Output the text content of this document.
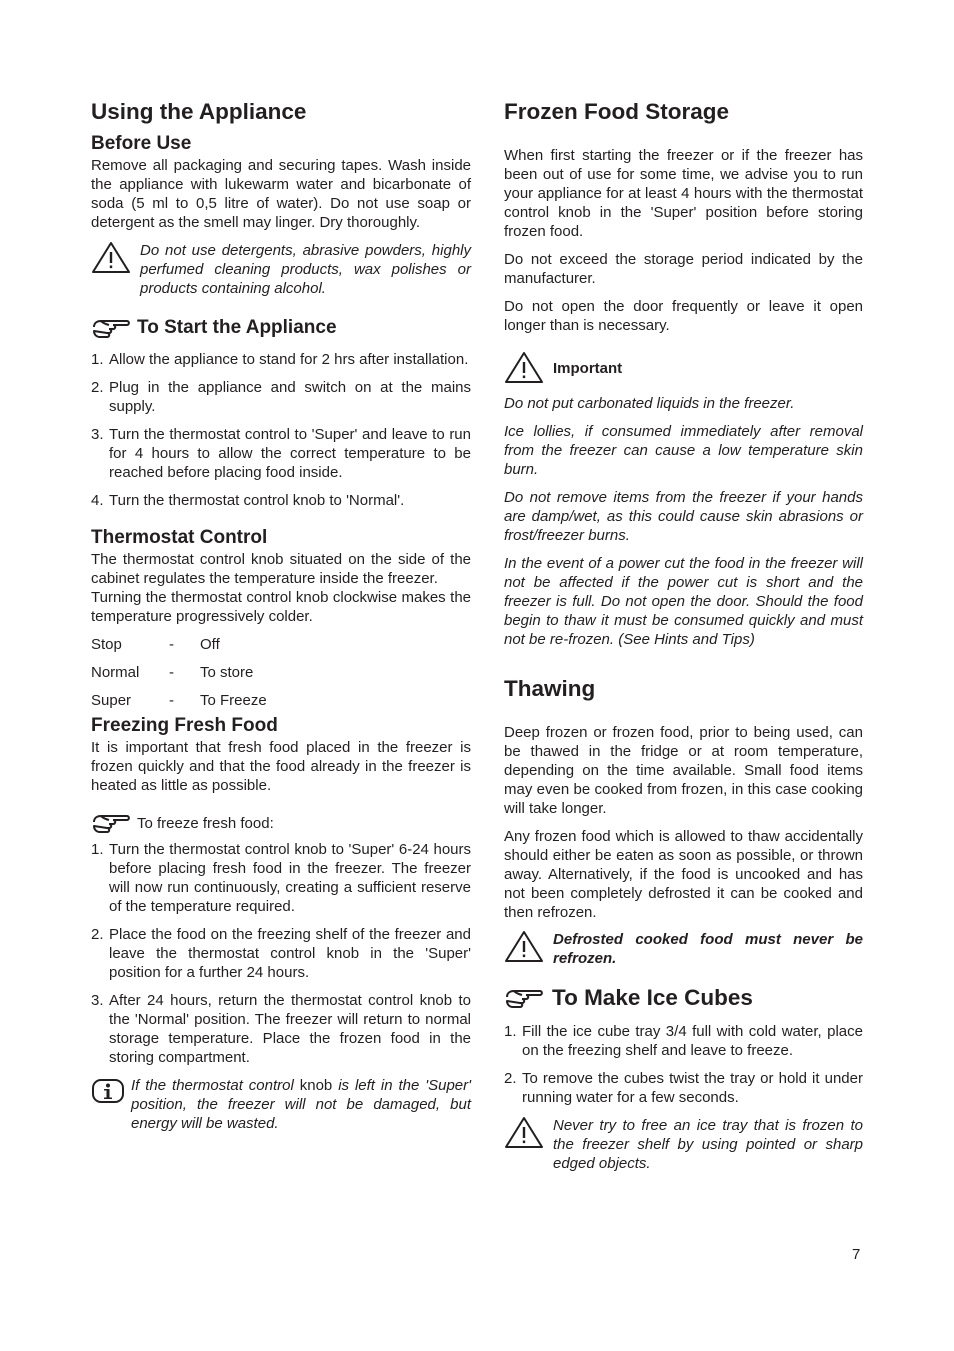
Using the Appliance
Before Use

Remove all packaging and securing tapes. Wash inside the appliance with lukewarm water and bicarbonate of soda (5 ml to 0,5 litre of water). Do not use soap or detergent as the smell may linger. Dry thoroughly.

Do not use detergents, abrasive powders, highly perfumed cleaning products, wax polishes or products containing alcohol.
To Start the Appliance
1. Allow the appliance to stand for 2 hrs after installation.
2. Plug in the appliance and switch on at the mains supply.
3. Turn the thermostat control to 'Super' and leave to run for 4 hours to allow the correct temperature to be reached before placing food inside.
4. Turn the thermostat control knob to 'Normal'.
Thermostat Control

The thermostat control knob situated on the side of the cabinet regulates the temperature inside the freezer.

Turning the thermostat control knob clockwise makes the temperature progressively colder.

Stop	-	Off
Normal	-	To store
Super	-	To Freeze
Freezing Fresh Food

It is important that fresh food placed in the freezer is frozen quickly and that the food already in the freezer is heated as little as possible.

To freeze fresh food:

1. Turn the thermostat control knob to 'Super' 6-24 hours before placing fresh food in the freezer. The freezer will now run continuously, creating a sufficient reserve of the temperature required.
2. Place the food on the freezing shelf of the freezer and leave the thermostat control knob in the 'Super' position for a further 24 hours.
3. After 24 hours, return the thermostat control knob to the 'Normal' position. The freezer will return to normal storage temperature. Place the frozen food in the storing compartment.
If the thermostat control knob is left in the 'Super' position, the freezer will not be damaged, but energy will be wasted.
Frozen Food Storage

When first starting the freezer or if the freezer has been out of use for some time, we advise you to run your appliance for at least 4 hours with the thermostat control knob in the 'Super' position before storing frozen food.

Do not exceed the storage period indicated by the manufacturer.

Do not open the door frequently or leave it open longer than is necessary.

Important

Do not put carbonated liquids in the freezer.

Ice lollies, if consumed immediately after removal from the freezer can cause a low temperature skin burn.

Do not remove items from the freezer if your hands are damp/wet, as this could cause skin abrasions or frost/freezer burns.

In the event of a power cut the food in the freezer will not be affected if the power cut is short and the freezer is full. Do not open the door. Should the food begin to thaw it must be consumed quickly and must not be re-frozen. (See Hints and Tips)

Thawing

Deep frozen or frozen food, prior to being used, can be thawed in the fridge or at room temperature, depending on the time available. Small food items may even be cooked from frozen, in this case cooking will take longer.

Any frozen food which is allowed to thaw accidentally should either be eaten as soon as possible, or thrown away. Alternatively, if the food is uncooked and has not been completely defrosted it can be cooked and then refrozen.

Defrosted cooked food must never be refrozen.
To Make Ice Cubes
1. Fill the ice cube tray 3/4 full with cold water, place on the freezing shelf and leave to freeze.
2. To remove the cubes twist the tray or hold it under running water for a few seconds.
Never try to free an ice tray that is frozen to the freezer shelf by using pointed or sharp edged objects.
7
